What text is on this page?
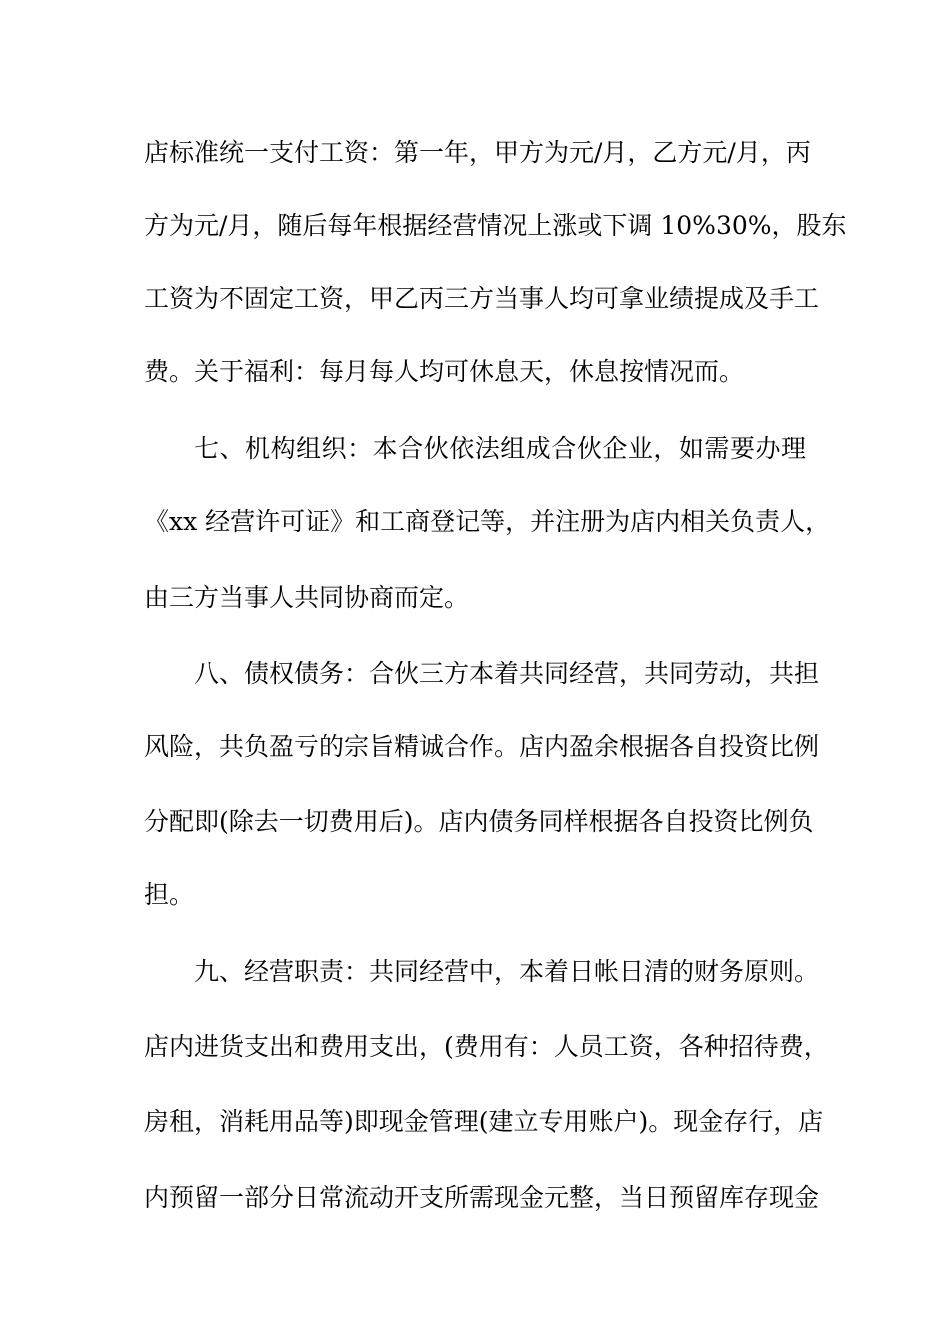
店标准统一支付工资：第一年，甲方为元/月，乙方元/月，丙
方为元/月，随后每年根据经营情况上涨或下调 10%30%，股东
工资为不固定工资，甲乙丙三方当事人均可拿业绩提成及手工
费。关于福利：每月每人均可休息天，休息按情况而。
七、机构组织：本合伙依法组成合伙企业，如需要办理
《xx 经营许可证》和工商登记等，并注册为店内相关负责人，
由三方当事人共同协商而定。
八、债权债务：合伙三方本着共同经营，共同劳动，共担
风险，共负盈亏的宗旨精诚合作。店内盈余根据各自投资比例
分配即(除去一切费用后)。店内债务同样根据各自投资比例负
担。
九、经营职责：共同经营中，本着日帐日清的财务原则。
店内进货支出和费用支出，(费用有：人员工资，各种招待费，
房租，消耗用品等)即现金管理(建立专用账户)。现金存行，店
内预留一部分日常流动开支所需现金元整，当日预留库存现金
